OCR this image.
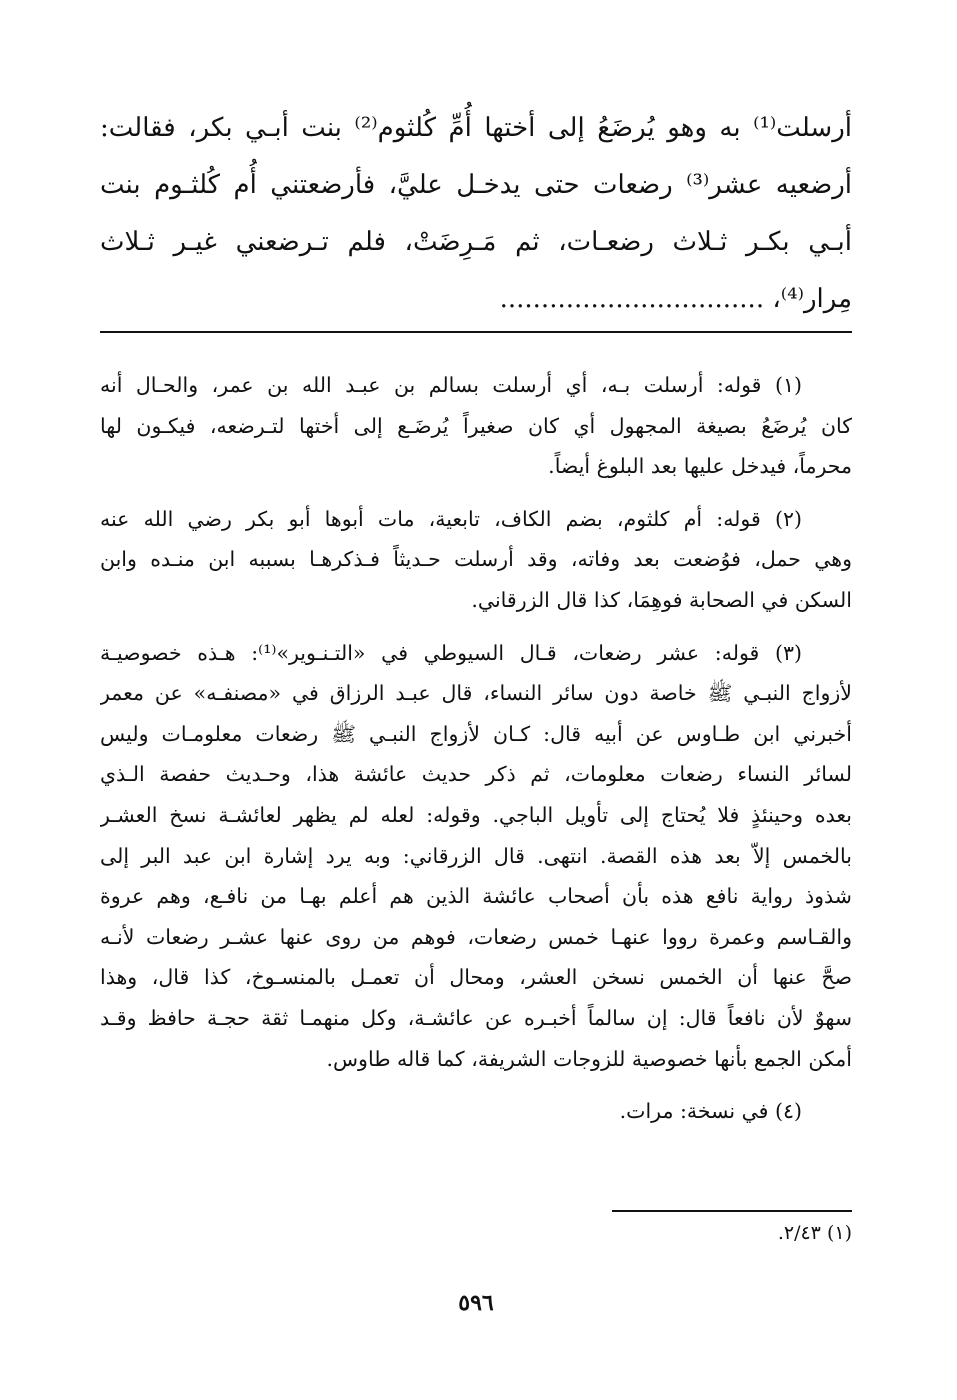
أرسلت⁽¹⁾ به وهو يُرضَعُ إلى أختها أُمِّ كُلثوم⁽²⁾ بنت أبـي بكر، فقالت:
أرضعيه عشر⁽³⁾ رضعات حتى يدخـل عليَّ، فأرضعتني أُم كُلثـوم بنت
أبـي بكـر ثـلاث رضعـات، ثم مَـرِضَتْ، فلم تـرضعني غيـر ثـلاث
مِرار⁽⁴⁾، ................................
(١) قوله: أرسلت بـه، أي أرسلت بسالم بن عبـد الله بن عمر، والحـال أنه
كان يُرضَعُ بصيغة المجهول أي كان صغيراً يُرضَـع إلى أختها لتـرضعه، فيكـون لها
محرماً، فيدخل عليها بعد البلوغ أيضاً.
(٢) قوله: أم كلثوم، بضم الكاف، تابعية، مات أبوها أبو بكر رضي الله عنه
وهي حمل، فوُضعت بعد وفاته، وقد أرسلت حـديثاً فـذكرهـا بسببه ابن منـده وابن
السكن في الصحابة فوهِمَا، كذا قال الزرقاني.
(٣) قوله: عشر رضعات، قـال السيوطي في «التـنـوير»⁽¹⁾: هـذه خصوصيـة
لأزواج النبـي ﷺ خاصة دون سائر النساء، قال عبـد الرزاق في «مصنفـه» عن معمر
أخبرني ابن طـاوس عن أبيه قال: كـان لأزواج النبـي ﷺ رضعات معلومـات وليس
لسائر النساء رضعات معلومات، ثم ذكر حديث عائشة هذا، وحـديث حفصة الـذي
بعده وحينئذٍ فلا يُحتاج إلى تأويل الباجي. وقوله: لعله لم يظهر لعائشـة نسخ العشـر
بالخمس إلاّ بعد هذه القصة. انتهى. قال الزرقاني: وبه يرد إشارة ابن عبد البر إلى
شذوذ رواية نافع هذه بأن أصحاب عائشة الذين هم أعلم بهـا من نافـع، وهم عروة
والقـاسم وعمرة رووا عنهـا خمس رضعات، فوهم من روى عنها عشـر رضعات لأنـه
صحَّ عنها أن الخمس نسخن العشر، ومحال أن تعمـل بالمنسـوخ، كذا قال، وهذا
سهوٌ لأن نافعاً قال: إن سالماً أخبـره عن عائشـة، وكل منهمـا ثقة حجـة حافظ وقـد
أمكن الجمع بأنها خصوصية للزوجات الشريفة، كما قاله طاوس.
(٤) في نسخة: مرات.
(١) ٢/٤٣.
٥٩٦
